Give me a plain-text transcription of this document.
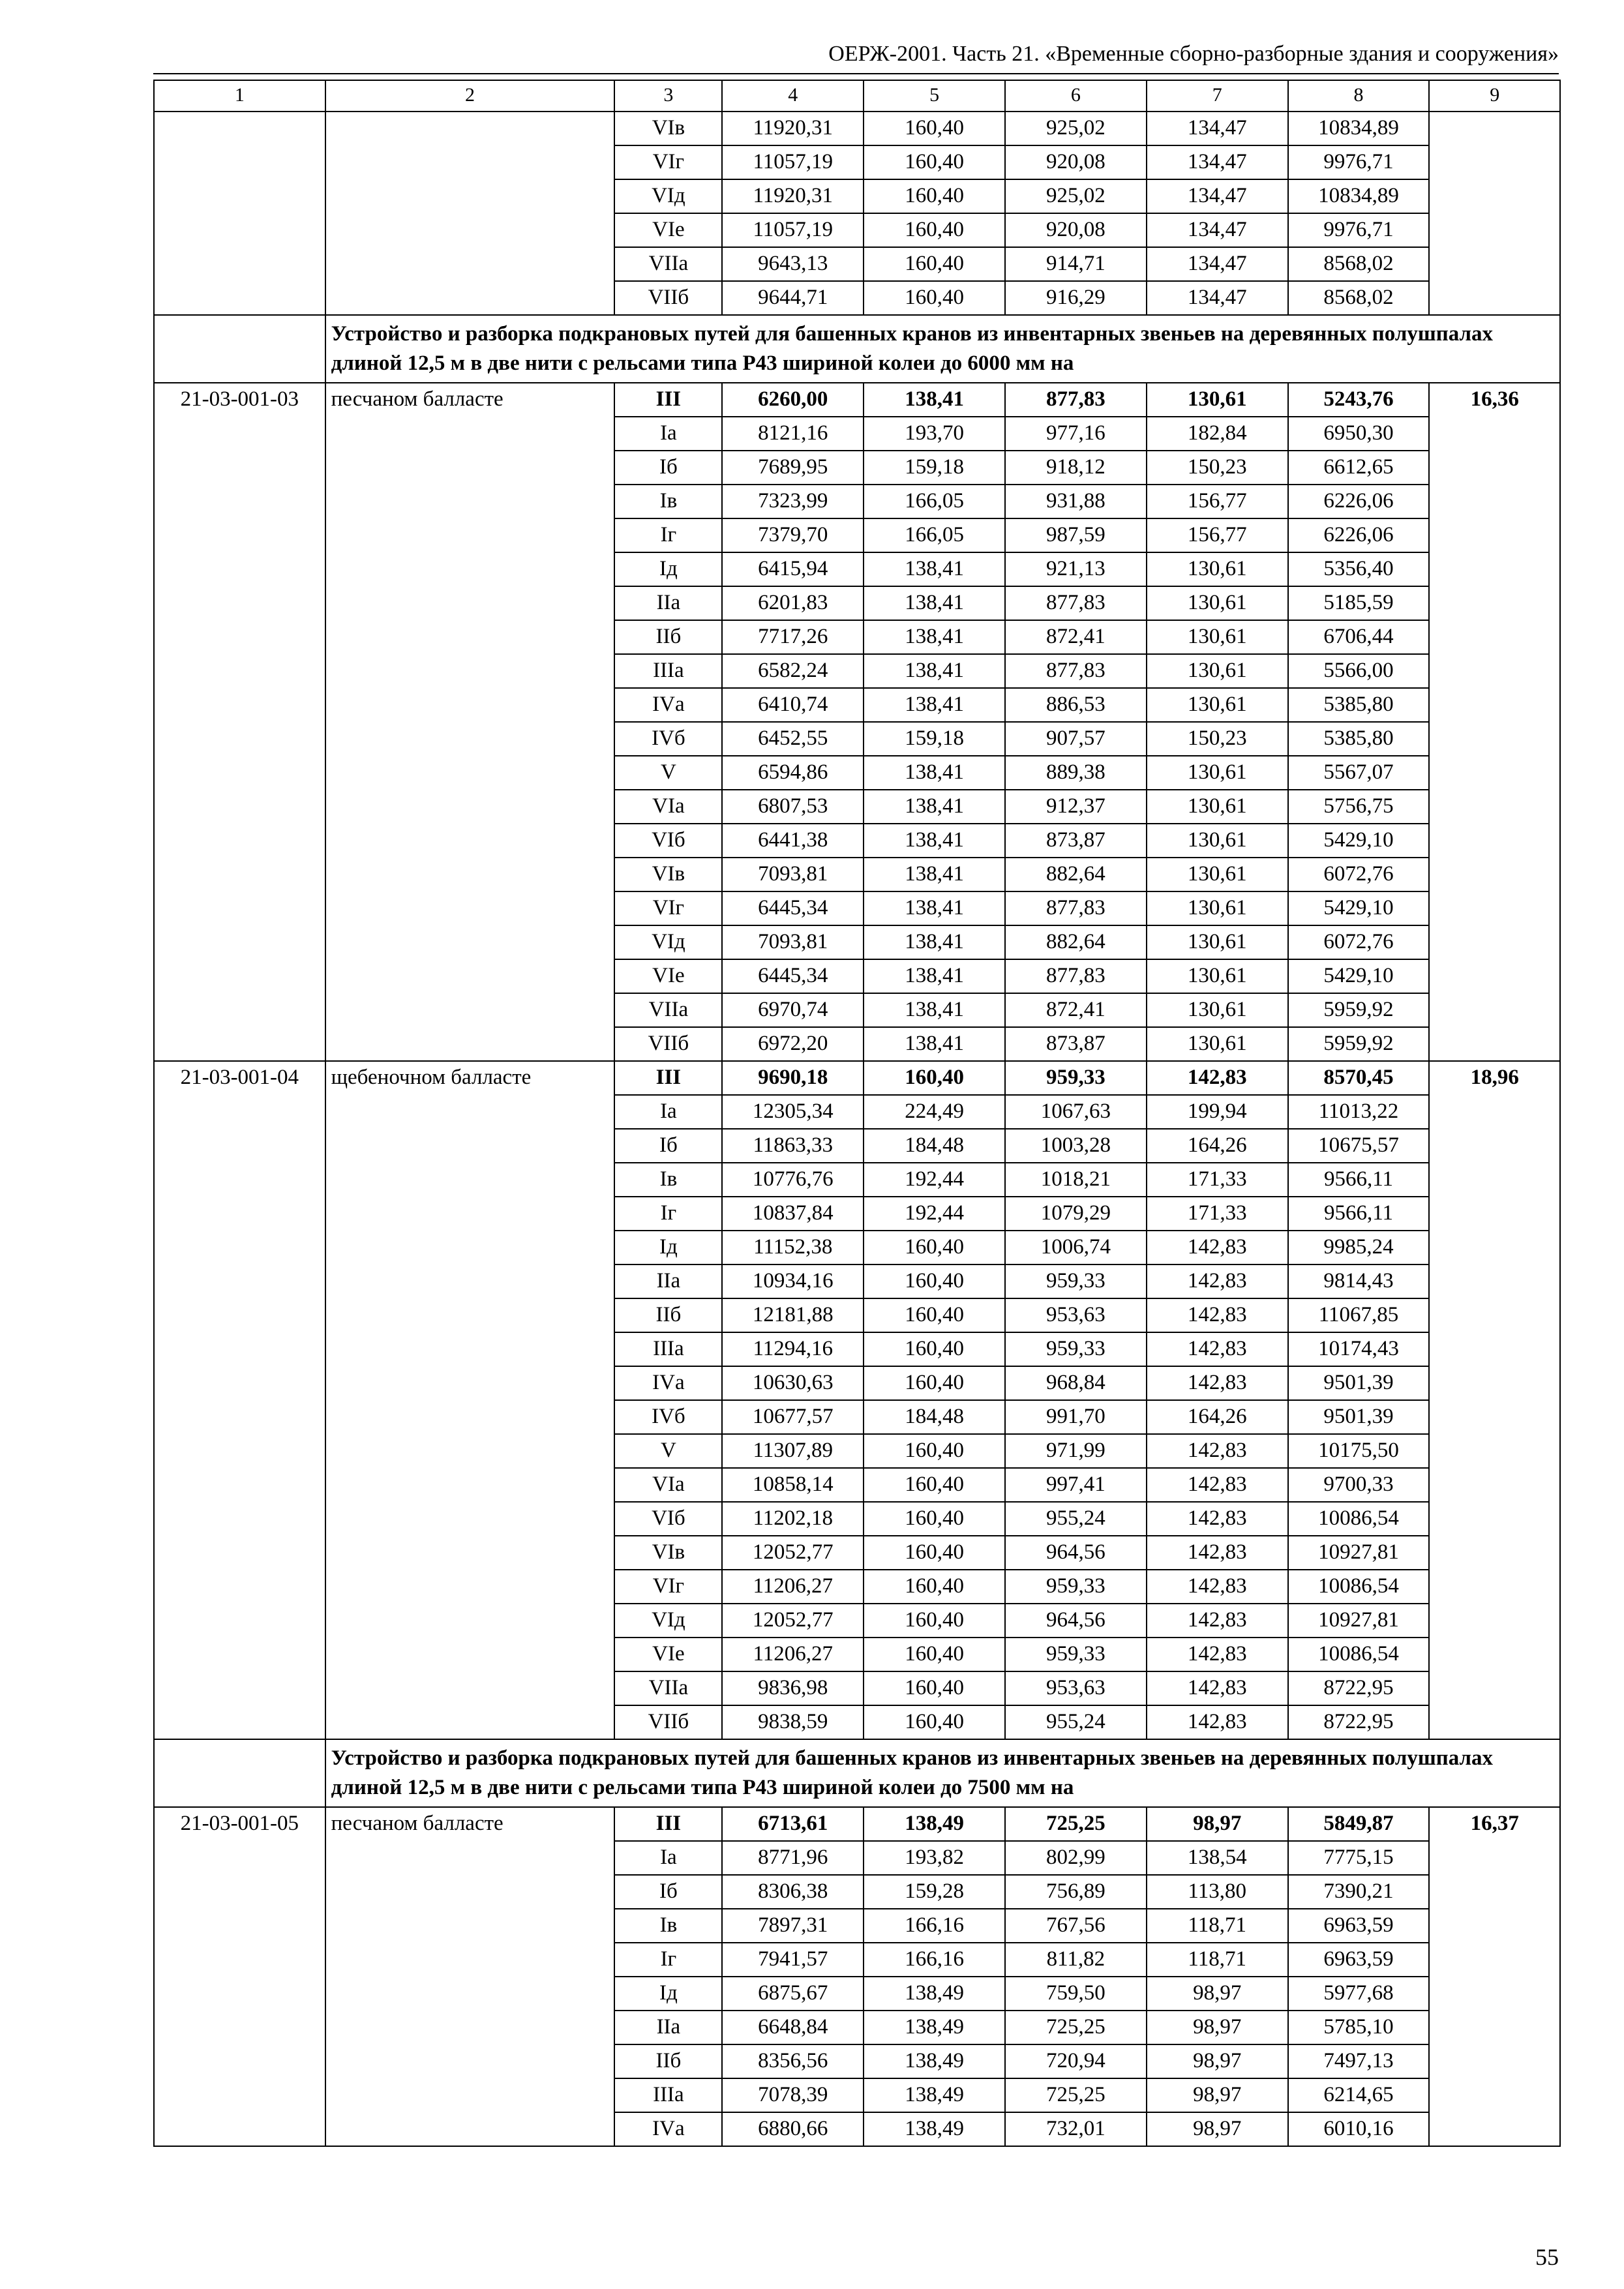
ОЕРЖ-2001. Часть 21. «Временные сборно-разборные здания и сооружения»
1	2	3	4	5	6	7	8	9
		VIв	11920,31	160,40	925,02	134,47	10834,89	
		VIг	11057,19	160,40	920,08	134,47	9976,71	
		VIд	11920,31	160,40	925,02	134,47	10834,89	
		VIе	11057,19	160,40	920,08	134,47	9976,71	
		VIIа	9643,13	160,40	914,71	134,47	8568,02	
		VIIб	9644,71	160,40	916,29	134,47	8568,02	
	Устройство и разборка подкрановых путей для башенных кранов из инвентарных звеньев на деревянных полушпалах длиной 12,5 м в две нити с рельсами типа Р43 шириной колеи до 6000 мм на							
21-03-001-03	песчаном балласте	III	6260,00	138,41	877,83	130,61	5243,76	16,36
		Iа	8121,16	193,70	977,16	182,84	6950,30	
		Iб	7689,95	159,18	918,12	150,23	6612,65	
		Iв	7323,99	166,05	931,88	156,77	6226,06	
		Iг	7379,70	166,05	987,59	156,77	6226,06	
		Iд	6415,94	138,41	921,13	130,61	5356,40	
		IIа	6201,83	138,41	877,83	130,61	5185,59	
		IIб	7717,26	138,41	872,41	130,61	6706,44	
		IIIа	6582,24	138,41	877,83	130,61	5566,00	
		IVа	6410,74	138,41	886,53	130,61	5385,80	
		IVб	6452,55	159,18	907,57	150,23	5385,80	
		V	6594,86	138,41	889,38	130,61	5567,07	
		VIа	6807,53	138,41	912,37	130,61	5756,75	
		VIб	6441,38	138,41	873,87	130,61	5429,10	
		VIв	7093,81	138,41	882,64	130,61	6072,76	
		VIг	6445,34	138,41	877,83	130,61	5429,10	
		VIд	7093,81	138,41	882,64	130,61	6072,76	
		VIе	6445,34	138,41	877,83	130,61	5429,10	
		VIIа	6970,74	138,41	872,41	130,61	5959,92	
		VIIб	6972,20	138,41	873,87	130,61	5959,92	
21-03-001-04	щебеночном балласте	III	9690,18	160,40	959,33	142,83	8570,45	18,96
		Iа	12305,34	224,49	1067,63	199,94	11013,22	
		Iб	11863,33	184,48	1003,28	164,26	10675,57	
		Iв	10776,76	192,44	1018,21	171,33	9566,11	
		Iг	10837,84	192,44	1079,29	171,33	9566,11	
		Iд	11152,38	160,40	1006,74	142,83	9985,24	
		IIа	10934,16	160,40	959,33	142,83	9814,43	
		IIб	12181,88	160,40	953,63	142,83	11067,85	
		IIIа	11294,16	160,40	959,33	142,83	10174,43	
		IVа	10630,63	160,40	968,84	142,83	9501,39	
		IVб	10677,57	184,48	991,70	164,26	9501,39	
		V	11307,89	160,40	971,99	142,83	10175,50	
		VIа	10858,14	160,40	997,41	142,83	9700,33	
		VIб	11202,18	160,40	955,24	142,83	10086,54	
		VIв	12052,77	160,40	964,56	142,83	10927,81	
		VIг	11206,27	160,40	959,33	142,83	10086,54	
		VIд	12052,77	160,40	964,56	142,83	10927,81	
		VIе	11206,27	160,40	959,33	142,83	10086,54	
		VIIа	9836,98	160,40	953,63	142,83	8722,95	
		VIIб	9838,59	160,40	955,24	142,83	8722,95	
	Устройство и разборка подкрановых путей для башенных кранов из инвентарных звеньев на деревянных полушпалах длиной 12,5 м в две нити с рельсами типа Р43 шириной колеи до 7500 мм на							
21-03-001-05	песчаном балласте	III	6713,61	138,49	725,25	98,97	5849,87	16,37
		Iа	8771,96	193,82	802,99	138,54	7775,15	
		Iб	8306,38	159,28	756,89	113,80	7390,21	
		Iв	7897,31	166,16	767,56	118,71	6963,59	
		Iг	7941,57	166,16	811,82	118,71	6963,59	
		Iд	6875,67	138,49	759,50	98,97	5977,68	
		IIа	6648,84	138,49	725,25	98,97	5785,10	
		IIб	8356,56	138,49	720,94	98,97	7497,13	
		IIIа	7078,39	138,49	725,25	98,97	6214,65	
		IVа	6880,66	138,49	732,01	98,97	6010,16	
55
